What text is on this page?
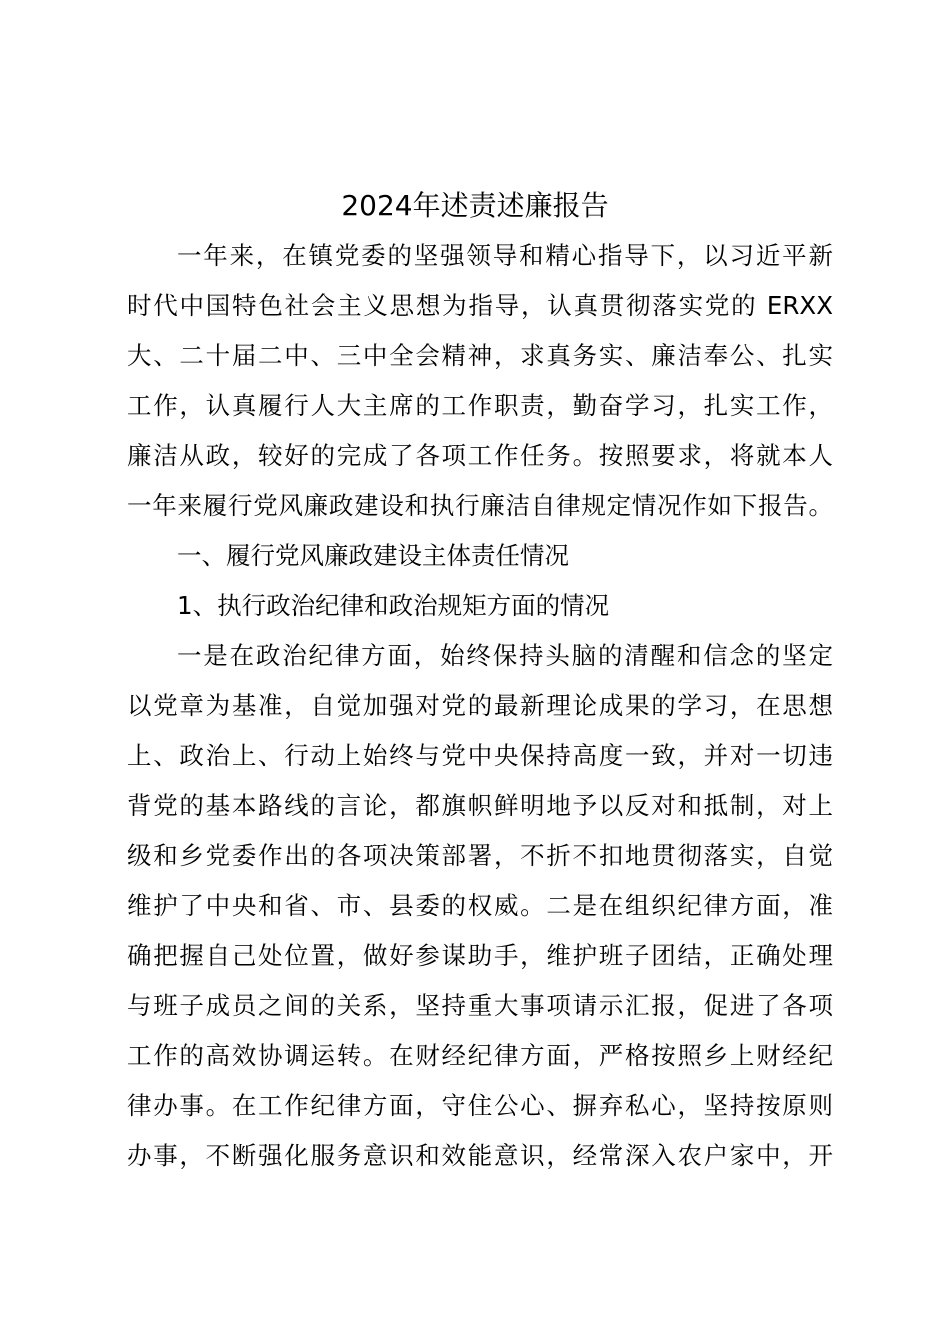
2024年述责述廉报告

一年来，在镇党委的坚强领导和精心指导下，以习近平新

时代中国特色社会主义思想为指导，认真贯彻落实党的 ERXX

大、二十届二中、三中全会精神，求真务实、廉洁奉公、扎实

工作，认真履行人大主席的工作职责，勤奋学习，扎实工作，

廉洁从政，较好的完成了各项工作任务。按照要求，将就本人

一年来履行党风廉政建设和执行廉洁自律规定情况作如下报告。

一、履行党风廉政建设主体责任情况

1、执行政治纪律和政治规矩方面的情况

一是在政治纪律方面，始终保持头脑的清醒和信念的坚定

以党章为基准，自觉加强对党的最新理论成果的学习，在思想

上、政治上、行动上始终与党中央保持高度一致，并对一切违

背党的基本路线的言论，都旗帜鲜明地予以反对和抵制，对上

级和乡党委作出的各项决策部署，不折不扣地贯彻落实，自觉

维护了中央和省、市、县委的权威。二是在组织纪律方面，准

确把握自己处位置，做好参谋助手，维护班子团结，正确处理

与班子成员之间的关系，坚持重大事项请示汇报，促进了各项

工作的高效协调运转。在财经纪律方面，严格按照乡上财经纪

律办事。在工作纪律方面，守住公心、摒弃私心，坚持按原则

办事，不断强化服务意识和效能意识，经常深入农户家中，开
